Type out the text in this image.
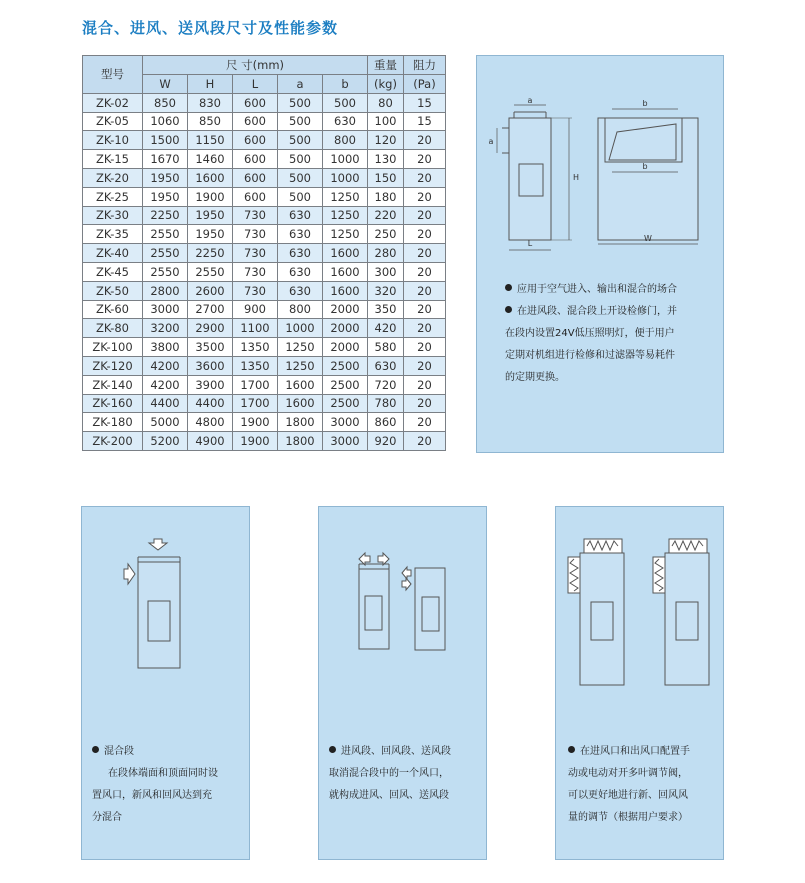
混合、进风、送风段尺寸及性能参数
型号	尺 寸(mm)					重量	阻力
	W	H	L	a	b	(kg)	(Pa)
ZK-02	850	830	600	500	500	80	15
ZK-05	1060	850	600	500	630	100	15
ZK-10	1500	1150	600	500	800	120	20
ZK-15	1670	1460	600	500	1000	130	20
ZK-20	1950	1600	600	500	1000	150	20
ZK-25	1950	1900	600	500	1250	180	20
ZK-30	2250	1950	730	630	1250	220	20
ZK-35	2550	1950	730	630	1250	250	20
ZK-40	2550	2250	730	630	1600	280	20
ZK-45	2550	2550	730	630	1600	300	20
ZK-50	2800	2600	730	630	1600	320	20
ZK-60	3000	2700	900	800	2000	350	20
ZK-80	3200	2900	1100	1000	2000	420	20
ZK-100	3800	3500	1350	1250	2000	580	20
ZK-120	4200	3600	1350	1250	2500	630	20
ZK-140	4200	3900	1700	1600	2500	720	20
ZK-160	4400	4400	1700	1600	2500	780	20
ZK-180	5000	4800	1900	1800	3000	860	20
ZK-200	5200	4900	1900	1800	3000	920	20
a
a
H
L
b
b
W
应用于空气进入、输出和混合的场合
在进风段、混合段上开设检修门，并
在段内设置24V低压照明灯，便于用户
定期对机组进行检修和过滤器等易耗件
的定期更换。
混合段
在段体端面和顶面同时设
置风口，新风和回风达到充
分混合
进风段、回风段、送风段
取消混合段中的一个风口，
就构成进风、回风、送风段
在进风口和出风口配置手
动或电动对开多叶调节阀，
可以更好地进行新、回风风
量的调节（根据用户要求）
